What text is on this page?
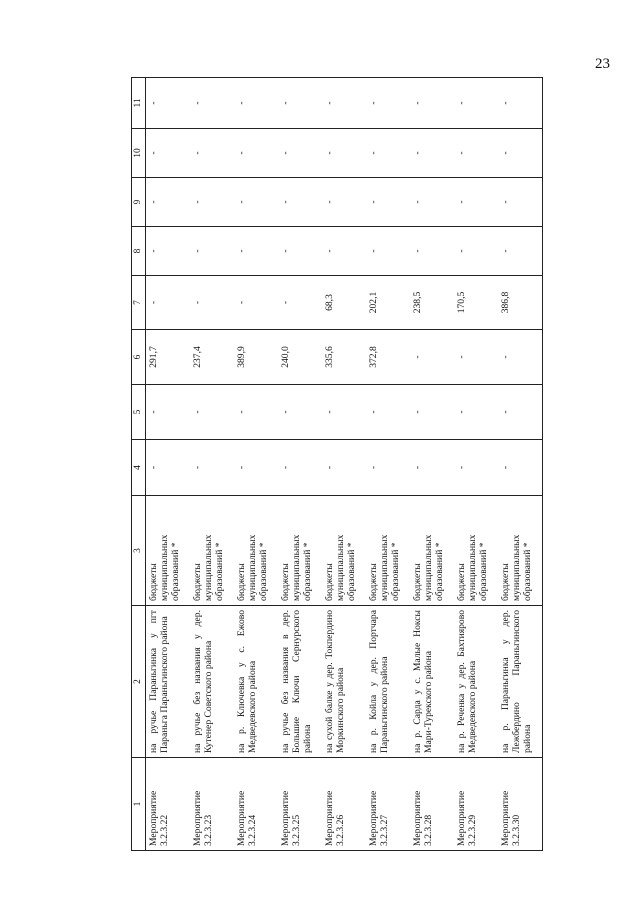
23
1	2	3	4	5	6	7	8	9	10	11
Мероприятие 3.2.3.22	на ручье Параньгинка у пгт Параньга Параньгинского района	бюджеты муниципальных образований *	-	-	291,7	-	-	-	-	-
Мероприятие 3.2.3.23	на ручье без названия у дер. Кутенер Советского района	бюджеты муниципальных образований *	-	-	237,4	-	-	-	-	-
Мероприятие 3.2.3.24	на р. Ключевка у с. Ежово Медведевского района	бюджеты муниципальных образований *	-	-	389,9	-	-	-	-	-
Мероприятие 3.2.3.25	на ручье без названия в дер. Большие Ключи Сернурского района	бюджеты муниципальных образований *	-	-	240,0	-	-	-	-	-
Мероприятие 3.2.3.26	на сухой балке у дер. Токпердино Моркинского района	бюджеты муниципальных образований *	-	-	335,6	68,3	-	-	-	-
Мероприятие 3.2.3.27	на р. Койла у дер. Портчара Параньгинского района	бюджеты муниципальных образований *	-	-	372,8	202,1	-	-	-	-
Мероприятие 3.2.3.28	на р. Сарда у с. Малые Ноксы Мари-Турекского района	бюджеты муниципальных образований *	-	-	-	238,5	-	-	-	-
Мероприятие 3.2.3.29	на р. Реченка у дер. Бахтиярово Медведевского района	бюджеты муниципальных образований *	-	-	-	170,5	-	-	-	-
Мероприятие 3.2.3.30	на р. Параньгинка у дер. Лежбердино Параньгинского района	бюджеты муниципальных образований *	-	-	-	386,8	-	-	-	-
